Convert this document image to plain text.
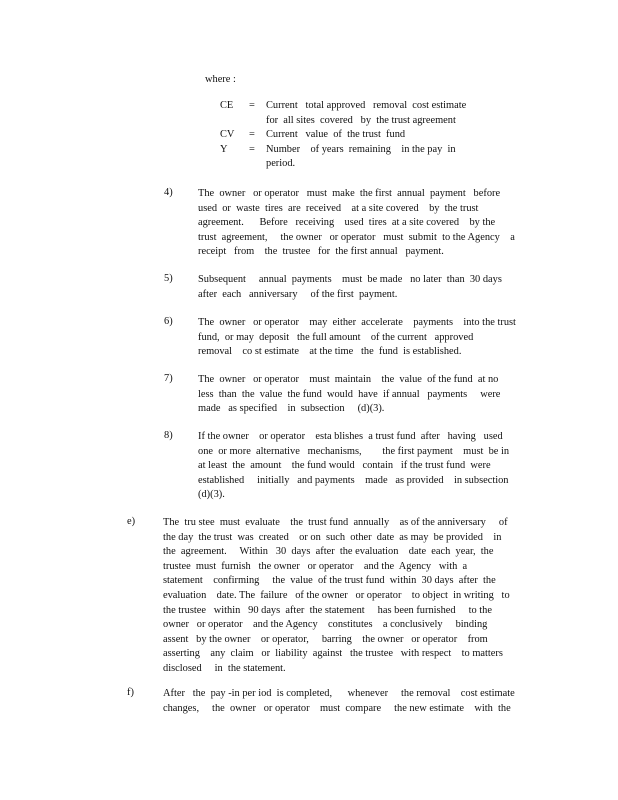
where :
CE = Current   total approved   removal  cost estimate
for  all sites  covered   by  the trust agreement
CV = Current   value  of  the trust  fund
Y = Number    of years  remaining    in the pay  in
period.
4) The  owner   or operator   must  make  the first  annual  payment   before
used  or  waste  tires  are  received    at a site covered    by  the trust
agreement.      Before   receiving    used  tires  at a site covered    by the
trust  agreement,     the owner   or operator   must  submit  to the Agency    a
receipt   from    the  trustee   for  the first annual   payment.
5) Subsequent     annual  payments    must  be made   no later  than  30 days
after  each   anniversary     of the first  payment.
6) The  owner   or operator    may  either  accelerate    payments    into the trust
fund,  or may  deposit   the full amount    of the current   approved
removal    co st estimate    at the time   the  fund  is established.
7) The  owner   or operator    must  maintain    the  value  of the fund  at no
less  than  the  value  the fund  would  have  if annual   payments     were
made   as specified    in  subsection     (d)(3).
8) If the owner    or operator    esta blishes  a trust fund  after   having   used
one  or more  alternative   mechanisms,        the first payment    must  be in
at least  the  amount    the fund would   contain   if the trust fund  were
established     initially   and payments    made   as provided    in subsection
(d)(3).
e)	The  tru stee  must  evaluate    the  trust fund  annually    as of the anniversary     of
the day  the trust  was  created    or on  such  other  date  as may  be provided    in
the  agreement.     Within   30  days  after  the evaluation    date  each  year,  the
trustee  must  furnish   the owner   or operator    and the  Agency   with  a
statement    confirming     the  value  of the trust fund  within  30 days  after  the
evaluation    date. The  failure   of the owner   or operator    to object  in writing   to
the trustee   within   90 days  after  the statement     has been furnished     to the
owner   or operator    and the Agency    constitutes    a conclusively     binding
assent   by the owner    or operator,     barring    the owner   or operator    from
asserting    any  claim   or  liability  against   the trustee   with respect    to matters
disclosed     in  the statement.
f)	After   the  pay -in per iod  is completed,      whenever     the removal    cost estimate
changes,     the  owner   or operator    must  compare     the new estimate    with  the
